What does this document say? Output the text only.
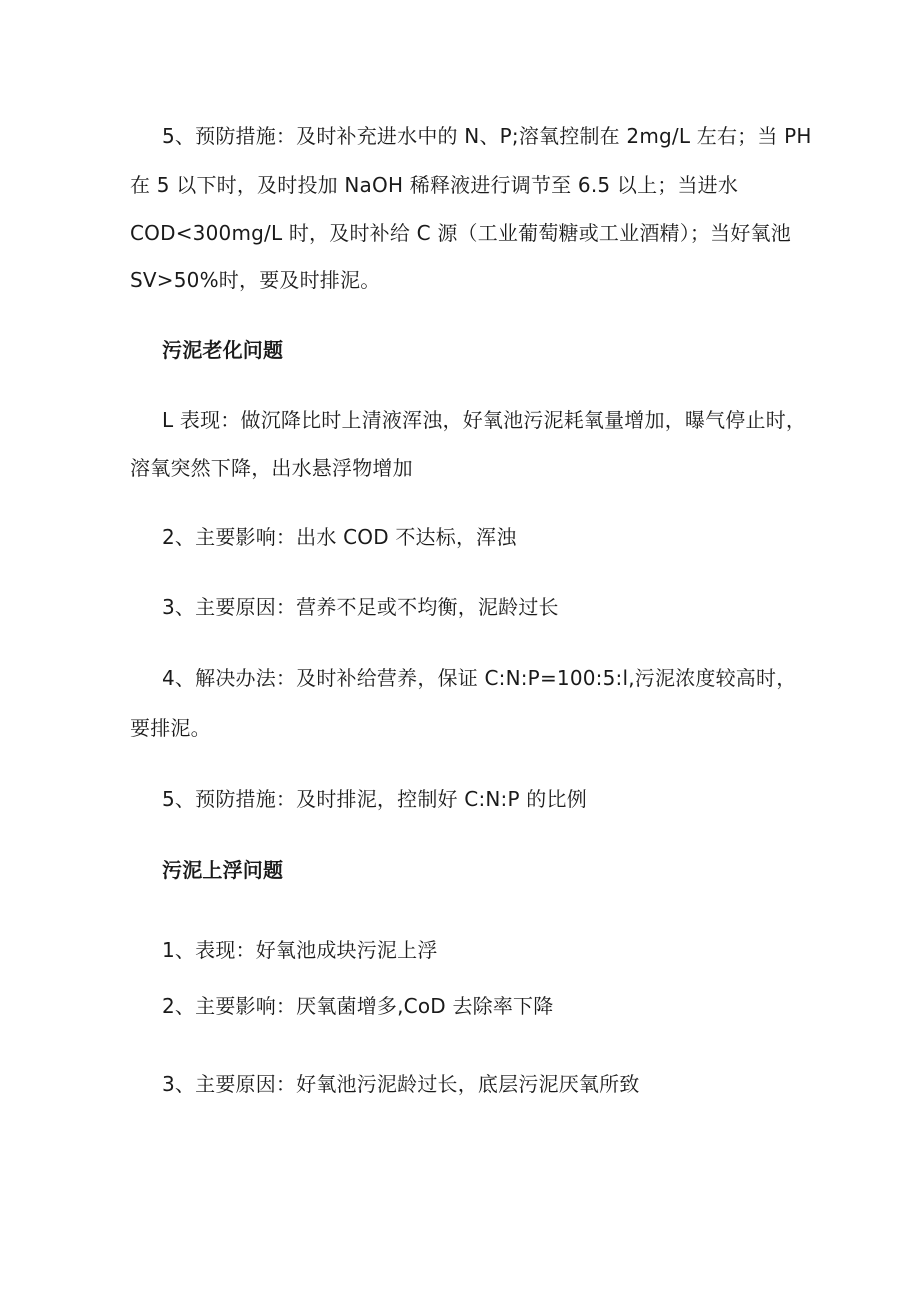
5、预防措施：及时补充进水中的 N、P;溶氧控制在 2mg/L 左右；当 PH
在 5 以下时，及时投加 NaOH 稀释液进行调节至 6.5 以上；当进水
COD<300mg/L 时，及时补给 C 源（工业葡萄糖或工业酒精）；当好氧池
SV>50%时，要及时排泥。
污泥老化问题
L 表现：做沉降比时上清液浑浊，好氧池污泥耗氧量增加，曝气停止时，
溶氧突然下降，出水悬浮物增加
2、主要影响：出水 COD 不达标，浑浊
3、主要原因：营养不足或不均衡，泥龄过长
4、解决办法：及时补给营养，保证 C:N:P=100:5:l,污泥浓度较高时，
要排泥。
5、预防措施：及时排泥，控制好 C:N:P 的比例
污泥上浮问题
1、表现：好氧池成块污泥上浮
2、主要影响：厌氧菌增多,CoD 去除率下降
3、主要原因：好氧池污泥龄过长，底层污泥厌氧所致
